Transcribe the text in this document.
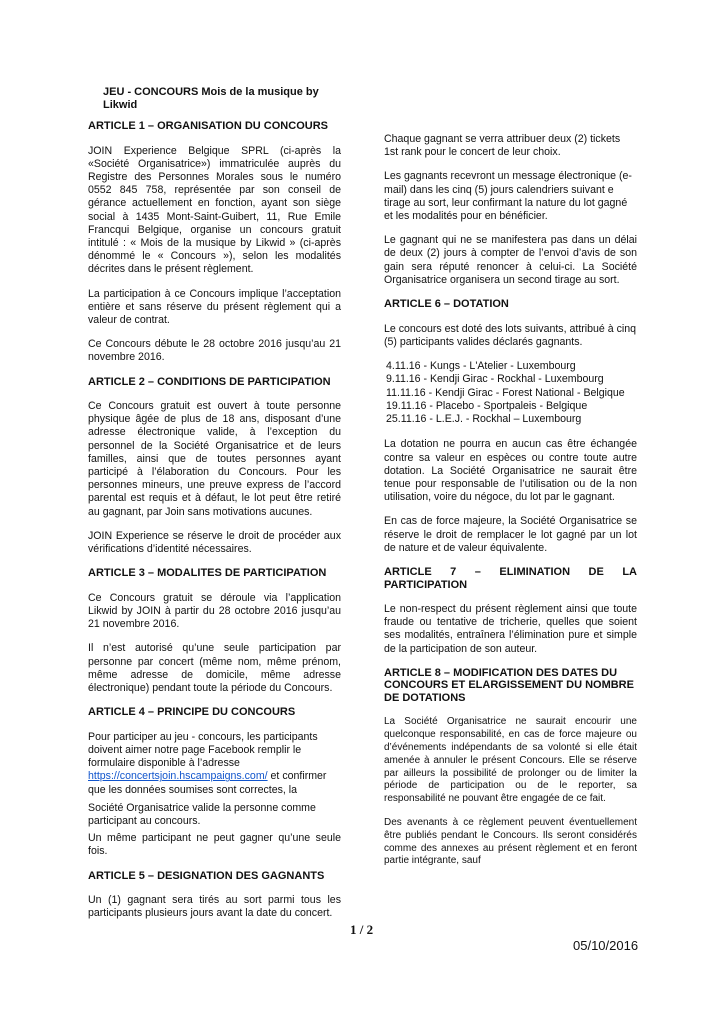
JEU - CONCOURS Mois de la musique by Likwid
ARTICLE 1 – ORGANISATION DU CONCOURS

JOIN Experience Belgique SPRL (ci-après la «Société Organisatrice») immatriculée auprès du Registre des Personnes Morales sous le numéro 0552 845 758, représentée par son conseil de gérance actuellement en fonction, ayant son siège social à 1435 Mont-Saint-Guibert, 11, Rue Emile Francqui Belgique, organise un concours gratuit intitulé : « Mois de la musique by Likwid » (ci-après dénommé le « Concours »), selon les modalités décrites dans le présent règlement.

La participation à ce Concours implique l’acceptation entière et sans réserve du présent règlement qui a valeur de contrat.

Ce Concours débute le 28 octobre 2016 jusqu’au 21 novembre 2016.

ARTICLE 2 – CONDITIONS DE PARTICIPATION

Ce Concours gratuit est ouvert à toute personne physique âgée de plus de 18 ans, disposant d’une adresse électronique valide, à l’exception du personnel de la Société Organisatrice et de leurs familles, ainsi que de toutes personnes ayant participé à l’élaboration du Concours. Pour les personnes mineurs, une preuve express de l’accord parental est requis et à défaut, le lot peut être retiré au gagnant, par Join sans motivations aucunes.

JOIN Experience se réserve le droit de procéder aux vérifications d’identité nécessaires.

ARTICLE 3 – MODALITES DE PARTICIPATION

Ce Concours gratuit se déroule via l’application Likwid by JOIN à partir du 28 octobre 2016 jusqu’au 21 novembre 2016.

Il n’est autorisé qu’une seule participation par personne par concert (même nom, même prénom, même adresse de domicile, même adresse électronique) pendant toute la période du Concours.

ARTICLE 4 – PRINCIPE DU CONCOURS

Pour participer au jeu - concours, les participants doivent aimer notre page Facebook remplir le formulaire disponible à l’adresse https://concertsjoin.hscampaigns.com/ et confirmer que les données soumises sont correctes, la

Société Organisatrice valide la personne comme participant au concours.

Un même participant ne peut gagner qu’une seule fois.

ARTICLE 5 – DESIGNATION DES GAGNANTS

Un (1) gagnant sera tirés au sort parmi tous les participants plusieurs jours avant la date du concert.

Chaque gagnant se verra attribuer deux (2) tickets 1st rank pour le concert de leur choix.

Les gagnants recevront un message électronique (e-mail) dans les cinq (5) jours calendriers suivant e tirage au sort, leur confirmant la nature du lot gagné et les modalités pour en bénéficier.

Le gagnant qui ne se manifestera pas dans un délai de deux (2) jours à compter de l’envoi d’avis de son gain sera réputé renoncer à celui-ci. La Société Organisatrice organisera un second tirage au sort.

ARTICLE 6 – DOTATION

Le concours est doté des lots suivants, attribué à cinq (5) participants valides déclarés gagnants.

4.11.16 - Kungs - L'Atelier - Luxembourg
9.11.16 - Kendji Girac - Rockhal - Luxembourg
11.11.16 - Kendji Girac - Forest National - Belgique
19.11.16 - Placebo - Sportpaleis - Belgique
25.11.16 - L.E.J. - Rockhal – Luxembourg

La dotation ne pourra en aucun cas être échangée contre sa valeur en espèces ou contre toute autre dotation. La Société Organisatrice ne saurait être tenue pour responsable de l’utilisation ou de la non utilisation, voire du négoce, du lot par le gagnant.

En cas de force majeure, la Société Organisatrice se réserve le droit de remplacer le lot gagné par un lot de nature et de valeur équivalente.

ARTICLE 7 – ELIMINATION DE LA PARTICIPATION

Le non-respect du présent règlement ainsi que toute fraude ou tentative de tricherie, quelles que soient ses modalités, entraînera l’élimination pure et simple de la participation de son auteur.

ARTICLE 8 – MODIFICATION DES DATES DU CONCOURS ET ELARGISSEMENT DU NOMBRE DE DOTATIONS

La Société Organisatrice ne saurait encourir une quelconque responsabilité, en cas de force majeure ou d’événements indépendants de sa volonté si elle était amenée à annuler le présent Concours. Elle se réserve par ailleurs la possibilité de prolonger ou de limiter la période de participation ou de le reporter, sa responsabilité ne pouvant être engagée de ce fait.

Des avenants à ce règlement peuvent éventuellement être publiés pendant le Concours. Ils seront considérés comme des annexes au présent règlement et en feront partie intégrante, sauf

1 / 2
05/10/2016
